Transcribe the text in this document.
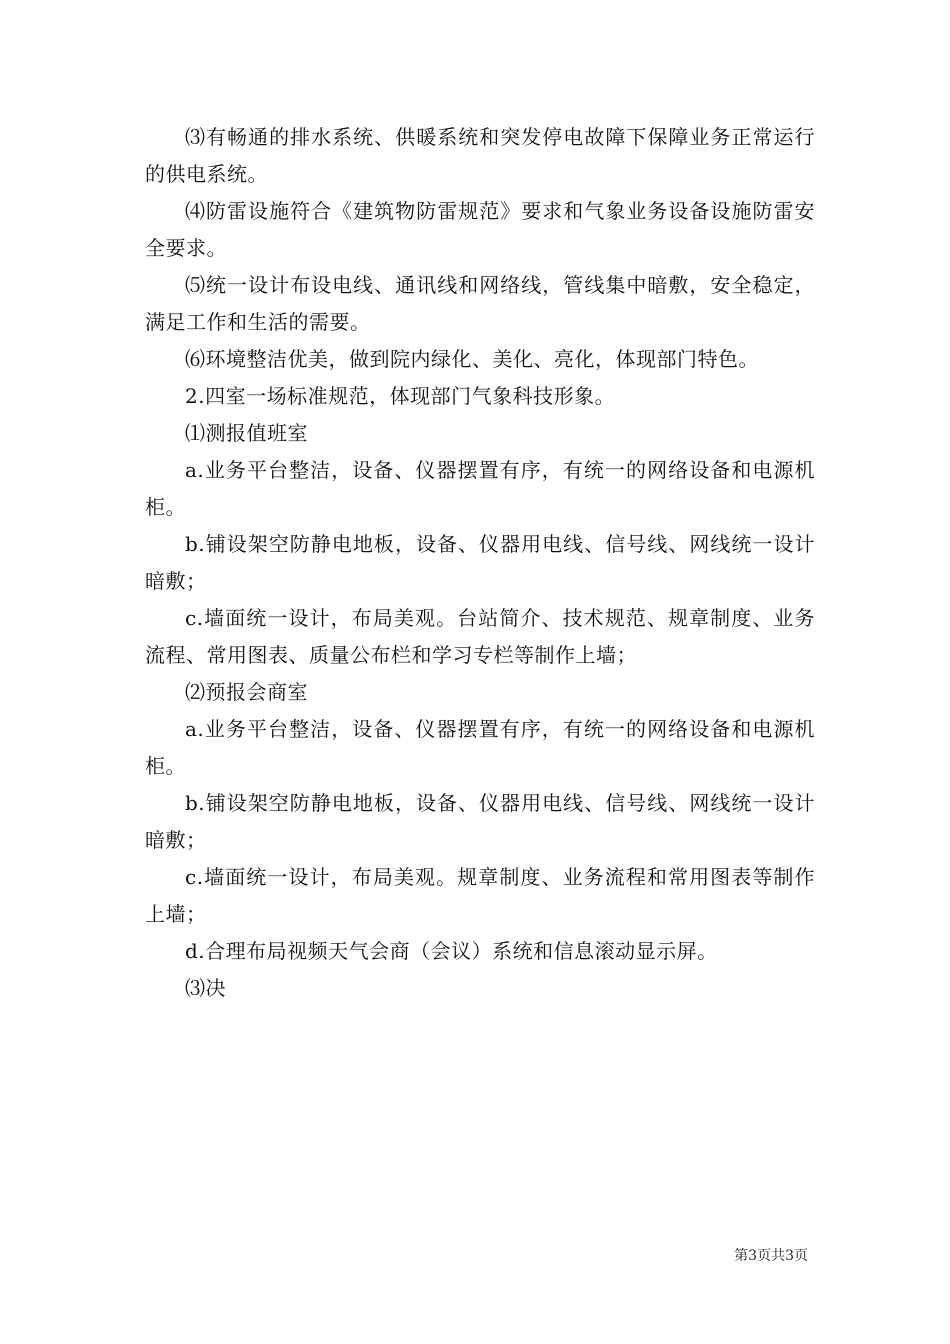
⑶有畅通的排水系统、供暖系统和突发停电故障下保障业务正常运行的供电系统。

⑷防雷设施符合《建筑物防雷规范》要求和气象业务设备设施防雷安全要求。

⑸统一设计布设电线、通讯线和网络线，管线集中暗敷，安全稳定，满足工作和生活的需要。

⑹环境整洁优美，做到院内绿化、美化、亮化，体现部门特色。

2.四室一场标准规范，体现部门气象科技形象。

⑴测报值班室

a.业务平台整洁，设备、仪器摆置有序，有统一的网络设备和电源机柜。

b.铺设架空防静电地板，设备、仪器用电线、信号线、网线统一设计暗敷；

c.墙面统一设计，布局美观。台站简介、技术规范、规章制度、业务流程、常用图表、质量公布栏和学习专栏等制作上墙；

⑵预报会商室

a.业务平台整洁，设备、仪器摆置有序，有统一的网络设备和电源机柜。

b.铺设架空防静电地板，设备、仪器用电线、信号线、网线统一设计暗敷；

c.墙面统一设计，布局美观。规章制度、业务流程和常用图表等制作上墙；

d.合理布局视频天气会商（会议）系统和信息滚动显示屏。

⑶决

第3页共3页
